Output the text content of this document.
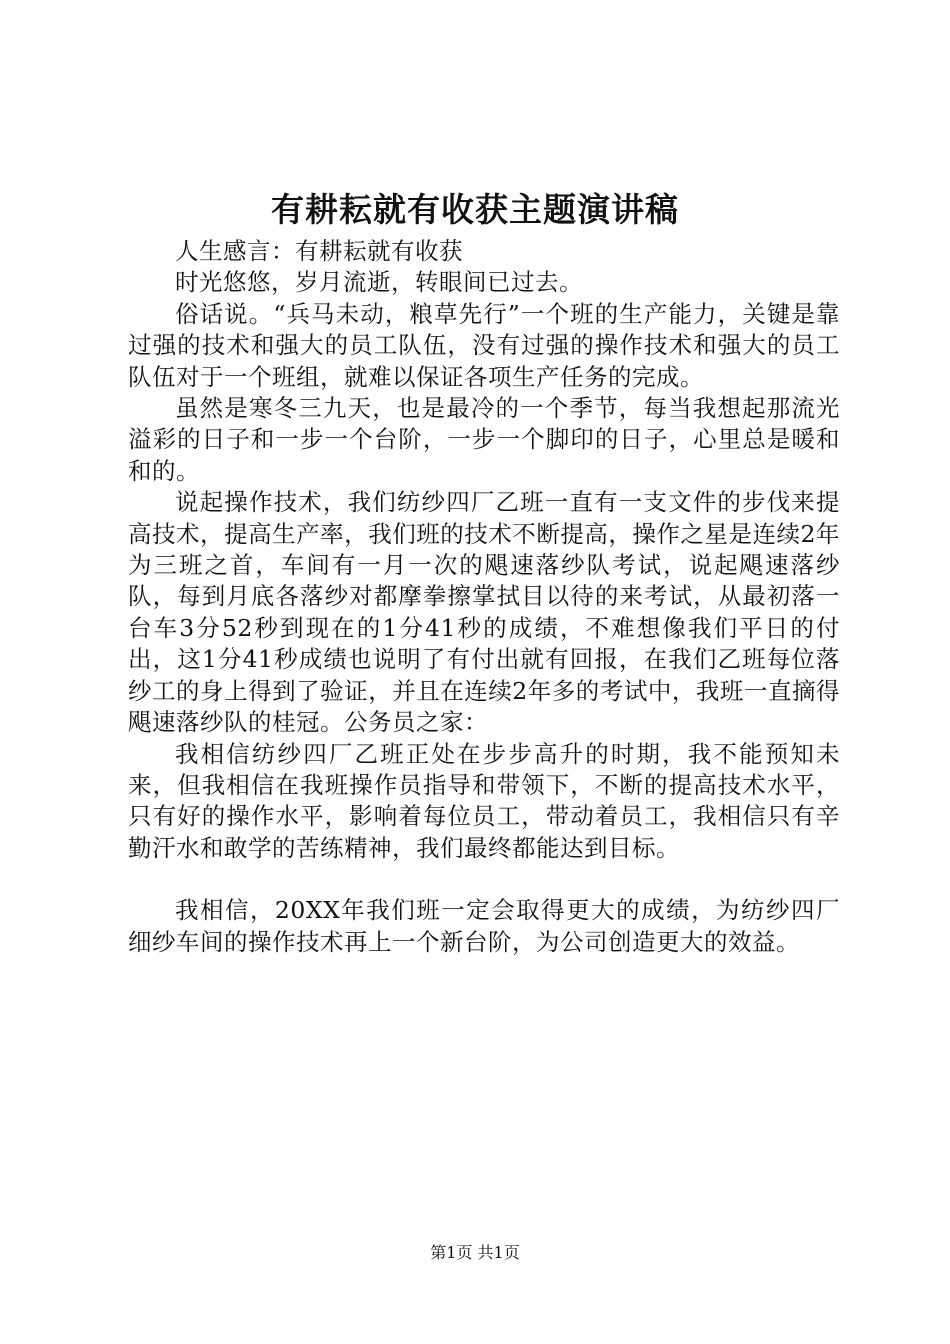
有耕耘就有收获主题演讲稿

人生感言：有耕耘就有收获

时光悠悠，岁月流逝，转眼间已过去。

俗话说。“兵马未动，粮草先行”一个班的生产能力，关键是靠过强的技术和强大的员工队伍，没有过强的操作技术和强大的员工队伍对于一个班组，就难以保证各项生产任务的完成。

虽然是寒冬三九天，也是最冷的一个季节，每当我想起那流光溢彩的日子和一步一个台阶，一步一个脚印的日子，心里总是暖和和的。

说起操作技术，我们纺纱四厂乙班一直有一支文件的步伐来提高技术，提高生产率，我们班的技术不断提高，操作之星是连续2年为三班之首，车间有一月一次的飓速落纱队考试，说起飓速落纱队，每到月底各落纱对都摩拳擦掌拭目以待的来考试，从最初落一台车3分52秒到现在的1分41秒的成绩，不难想像我们平日的付出，这1分41秒成绩也说明了有付出就有回报，在我们乙班每位落纱工的身上得到了验证，并且在连续2年多的考试中，我班一直摘得飓速落纱队的桂冠。公务员之家：

我相信纺纱四厂乙班正处在步步高升的时期，我不能预知未来，但我相信在我班操作员指导和带领下，不断的提高技术水平，只有好的操作水平，影响着每位员工，带动着员工，我相信只有辛勤汗水和敢学的苦练精神，我们最终都能达到目标。

我相信，20XX年我们班一定会取得更大的成绩，为纺纱四厂细纱车间的操作技术再上一个新台阶，为公司创造更大的效益。

第1页 共1页
